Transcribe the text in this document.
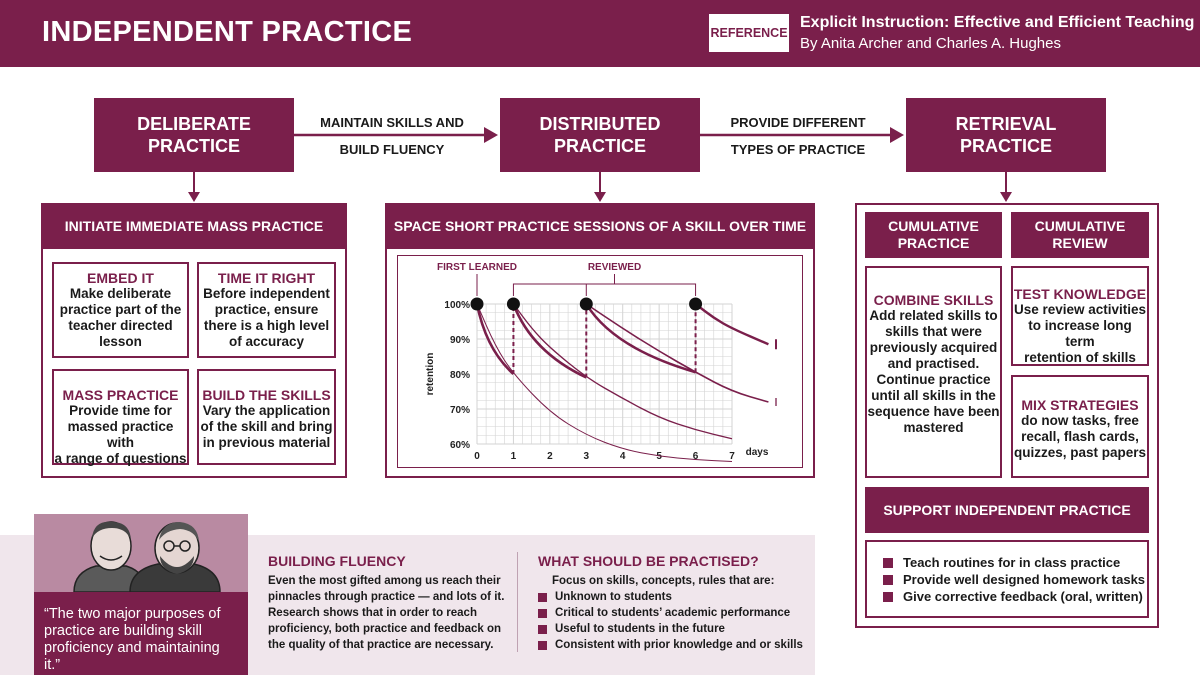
INDEPENDENT PRACTICE	REFERENCE
Explicit Instruction: Effective and Efficient Teaching
By Anita Archer and Charles A. Hughes
DELIBERATE
PRACTICE
DISTRIBUTED
PRACTICE
RETRIEVAL
PRACTICE
MAINTAIN SKILLS AND
BUILD FLUENCY
PROVIDE DIFFERENT
TYPES OF PRACTICE
INITIATE IMMEDIATE MASS PRACTICE
EMBED IT
Make deliberate
practice part of the
teacher directed
lesson
TIME IT RIGHT
Before independent
practice, ensure
there is a high level
of accuracy
MASS PRACTICE
Provide time for
massed practice with
a range of questions
BUILD THE SKILLS
Vary the application
of the skill and bring
in previous material
SPACE SHORT PRACTICE SESSIONS OF A SKILL OVER TIME
0	1	2	3	4	5	6	7
60%
70%
80%
90%
100%
days
retention
FIRST LEARNED	REVIEWED
CUMULATIVE
PRACTICE
CUMULATIVE
REVIEW
COMBINE SKILLS
Add related skills to
skills that were
previously acquired
and practised.
Continue practice
until all skills in the
sequence have been
mastered
TEST KNOWLEDGE
Use review activities
to increase long term
retention of skills
MIX STRATEGIES
do now tasks, free
recall, flash cards,
quizzes, past papers
SUPPORT INDEPENDENT PRACTICE
Teach routines for in class practice
Provide well designed homework tasks
Give corrective feedback (oral, written)
“The two major purposes of practice are building skill proficiency and maintaining it.”
BUILDING FLUENCY
Even the most gifted among us reach their
pinnacles through practice — and lots of it.
Research shows that in order to reach
proficiency, both practice and feedback on
the quality of that practice are necessary.
WHAT SHOULD BE PRACTISED?
Focus on skills, concepts, rules that are:
Unknown to students
Critical to students’ academic performance
Useful to students in the future
Consistent with prior knowledge and or skills
